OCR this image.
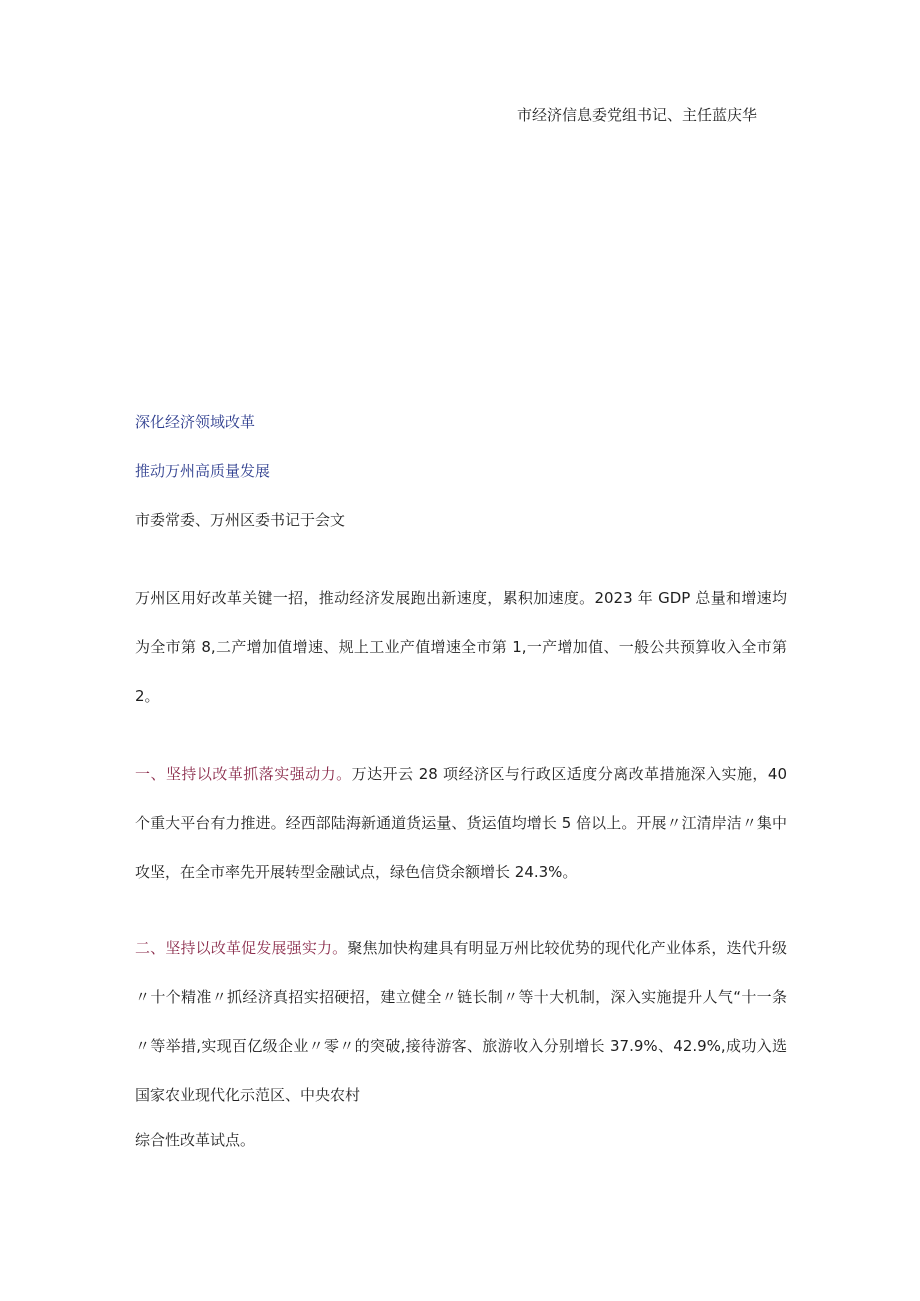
市经济信息委党组书记、主任蓝庆华
深化经济领域改革
推动万州高质量发展
市委常委、万州区委书记于会文
万州区用好改革关键一招，推动经济发展跑出新速度，累积加速度。2023 年 GDP 总量和增速均为全市第 8,二产增加值增速、规上工业产值增速全市第 1,一产增加值、一般公共预算收入全市第 2。
一、坚持以改革抓落实强动力。万达开云 28 项经济区与行政区适度分离改革措施深入实施，40 个重大平台有力推进。经西部陆海新通道货运量、货运值均增长 5 倍以上。开展〃江清岸洁〃集中攻坚，在全市率先开展转型金融试点，绿色信贷余额增长 24.3%。
二、坚持以改革促发展强实力。聚焦加快构建具有明显万州比较优势的现代化产业体系，迭代升级〃十个精准〃抓经济真招实招硬招，建立健全〃链长制〃等十大机制，深入实施提升人气“十一条〃等举措,实现百亿级企业〃零〃的突破,接待游客、旅游收入分别增长 37.9%、42.9%,成功入选国家农业现代化示范区、中央农村
综合性改革试点。
